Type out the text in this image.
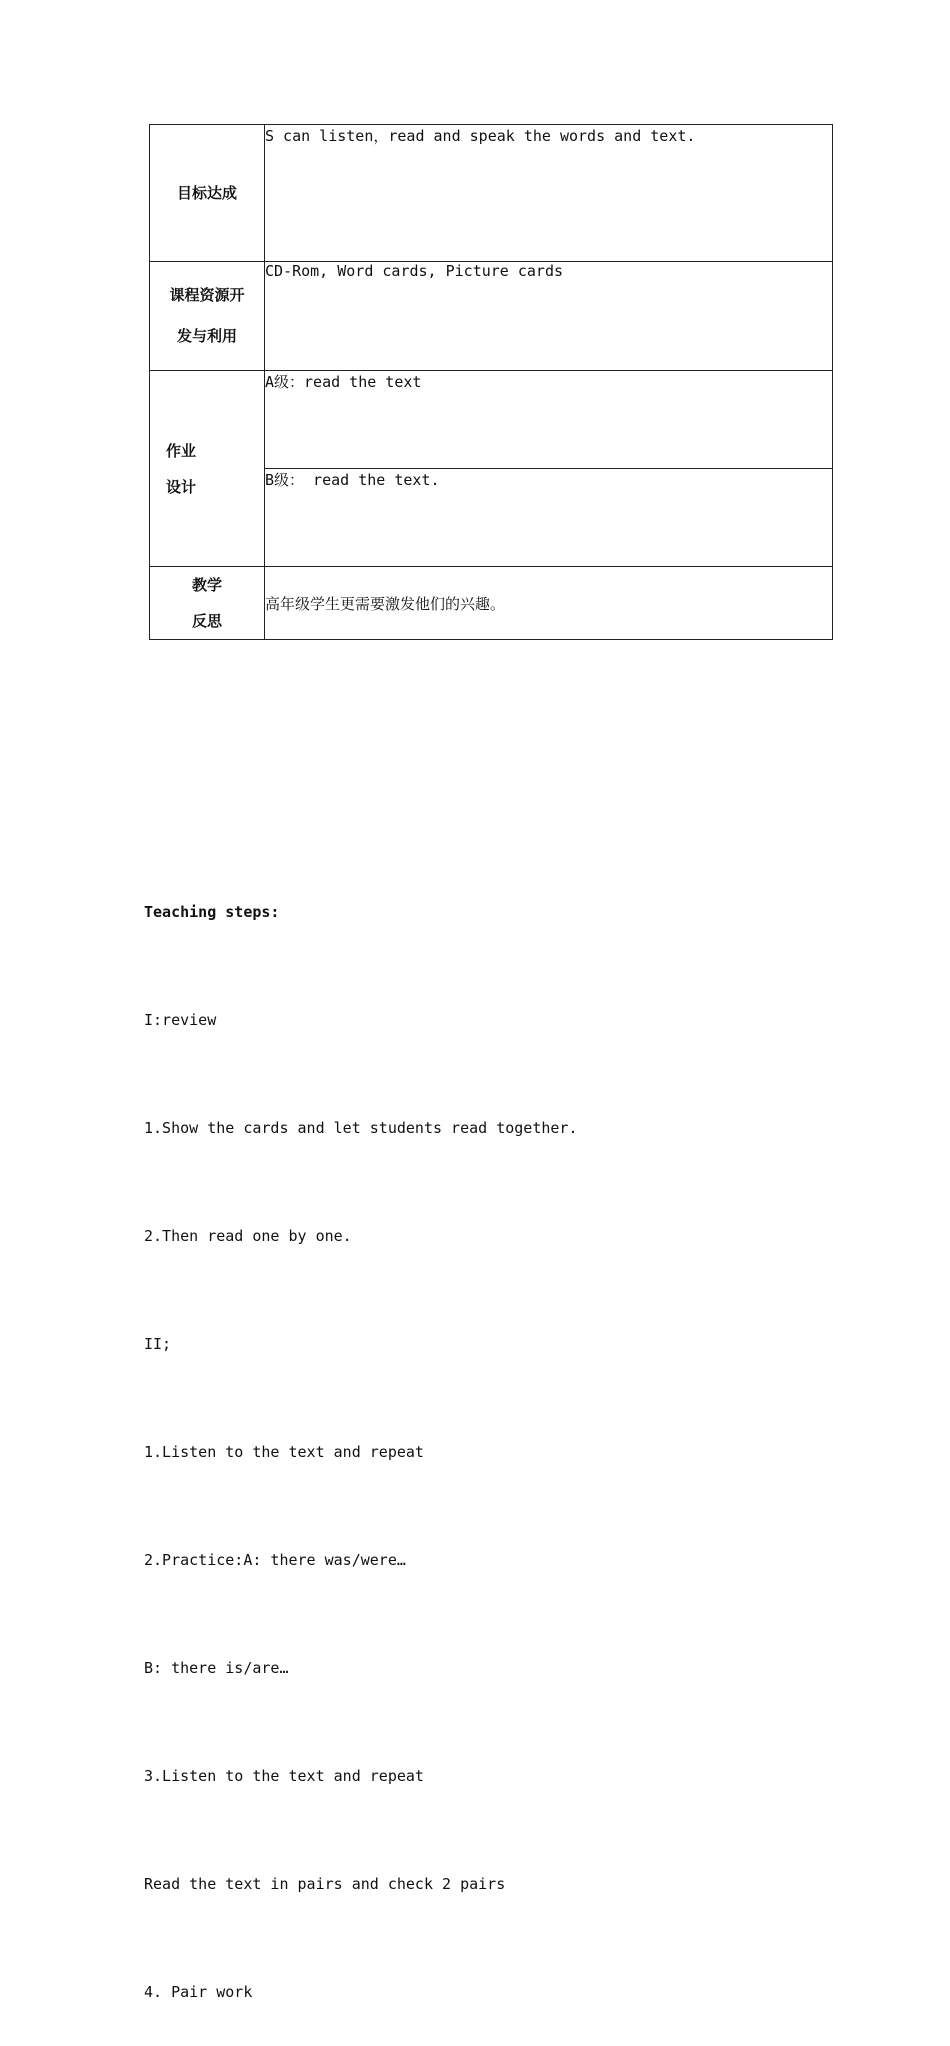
目标达成	S can listen，read and speak the words and text.

课程资源开
发与利用	CD-Rom, Word cards, Picture cards

作业
设计	A级：read the text
	B级： read the text.

教学
反思	高年级学生更需要激发他们的兴趣。

Teaching steps:

I:review

1.Show the cards and let students read together.

2.Then read one by one.

II;

1.Listen to the text and repeat

2.Practice:A: there was/were…

B: there is/are…

3.Listen to the text and repeat

Read the text in pairs and check 2 pairs

4. Pair work
